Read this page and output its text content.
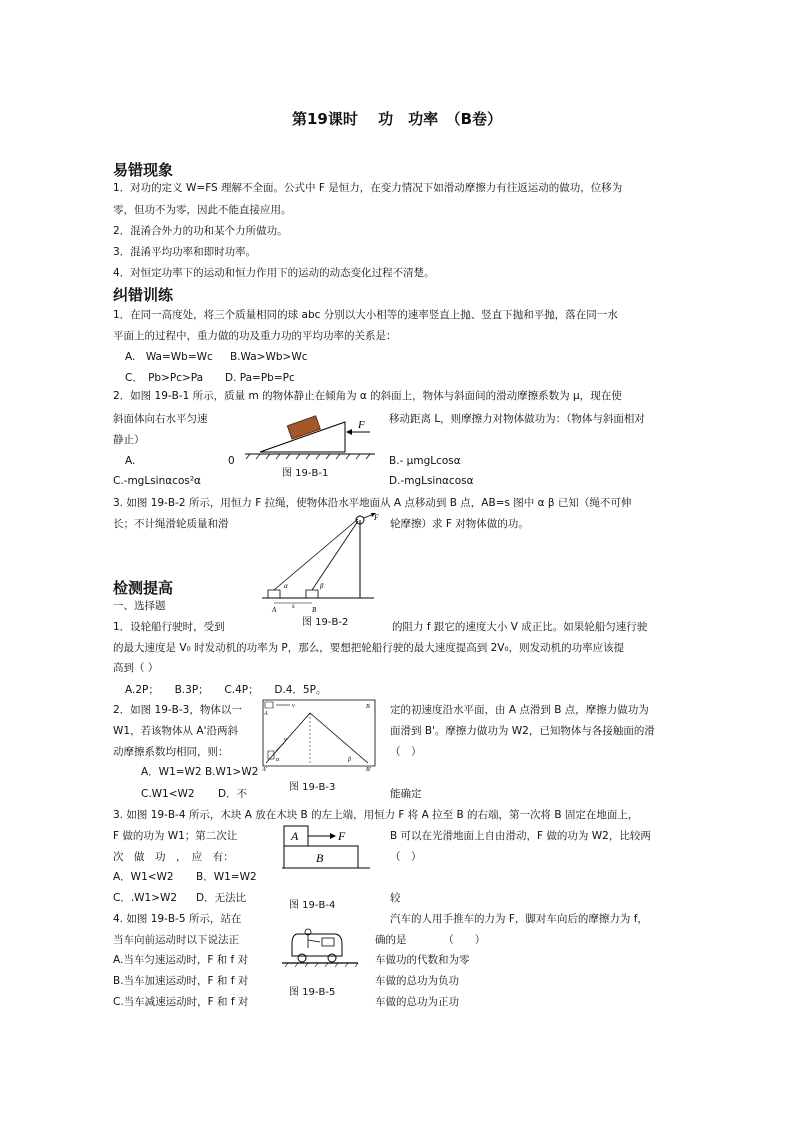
第19课时　 功　功率　（B卷）
易错现象
1．对功的定义 W=FS 理解不全面。公式中 F 是恒力，在变力情况下如滑动摩擦力有往返运动的做功，位移为
零，但功不为零，因此不能直接应用。
2．混淆合外力的功和某个力所做功。
3．混淆平均功率和即时功率。
4．对恒定功率下的运动和恒力作用下的运动的动态变化过程不清楚。
纠错训练
1．在同一高度处，将三个质量相同的球 abc 分别以大小相等的速率竖直上抛、竖直下抛和平抛，落在同一水
平面上的过程中，重力做的功及重力功的平均功率的关系是：
A.　Wa=Wb=Wc B.Wa>Wb>Wc
C．　Pb>Pc>Pa D. Pa=Pb=Pc
2．如图 19-B-1 所示，质量 m 的物体静止在倾角为 α 的斜面上，物体与斜面间的滑动摩擦系数为 μ，现在使
斜面体向右水平匀速	移动距离 L，则摩擦力对物体做功为：（物体与斜面相对
静止）
A.	0	B.- μmgLcosα
C.-mgLsinαcos²α	D.-mgLsinαcosα
F
图 19-B-1
3. 如图 19-B-2 所示，用恒力 F 拉绳，使物体沿水平地面从 A 点移动到 B 点，AB=s 图中 α β 已知（绳不可伸
长；不计绳滑轮质量和滑	轮摩擦）求 F 对物体做的功。
F
s
A	B
α	β
图 19-B-2
检测提高
一、选择题
1．设轮船行驶时，受到	的阻力 f 跟它的速度大小 V 成正比。如果轮船匀速行驶
的最大速度是 V₀ 时发动机的功率为 P，那么，要想把轮船行驶的最大速度提高到 2V₀，则发动机的功率应该提
高到（ ）
A.2P；　　B.3P；　　C.4P；　　D.4．5P。
2．如图 19-B-3，物体以一	定的初速度沿水平面，由 A 点滑到 B 点，摩擦力做功为
W1，若该物体从 A'沿两斜	面滑到 B'。摩擦力做功为 W2，已知物体与各接触面的滑
动摩擦系数均相同，则：	（　）
A．W1=W2 B.W1>W2
C.W1<W2 D．不	能确定
v
A
B
v
α	β
A'	B'
图 19-B-3
3. 如图 19-B-4 所示，木块 A 放在木块 B 的左上端，用恒力 F 将 A 拉至 B 的右端，第一次将 B 固定在地面上，
F 做的功为 W1；第二次让	B 可以在光滑地面上自由滑动，F 做的功为 W2，比较两
次　做　功　，　应　有：	（　）
A．W1<W2 B．W1=W2
C．.W1>W2 D．无法比	较
A	F
B
图 19-B-4
4. 如图 19-B-5 所示，站在	汽车的人用手推车的力为 F，脚对车向后的摩擦力为 f，
当车向前运动时以下说法正	确的是　　　　（　　）
A.当车匀速运动时，F 和 f 对	车做功的代数和为零
B.当车加速运动时，F 和 f 对	车做的总功为负功
C.当车减速运动时，F 和 f 对	车做的总功为正功
图 19-B-5
